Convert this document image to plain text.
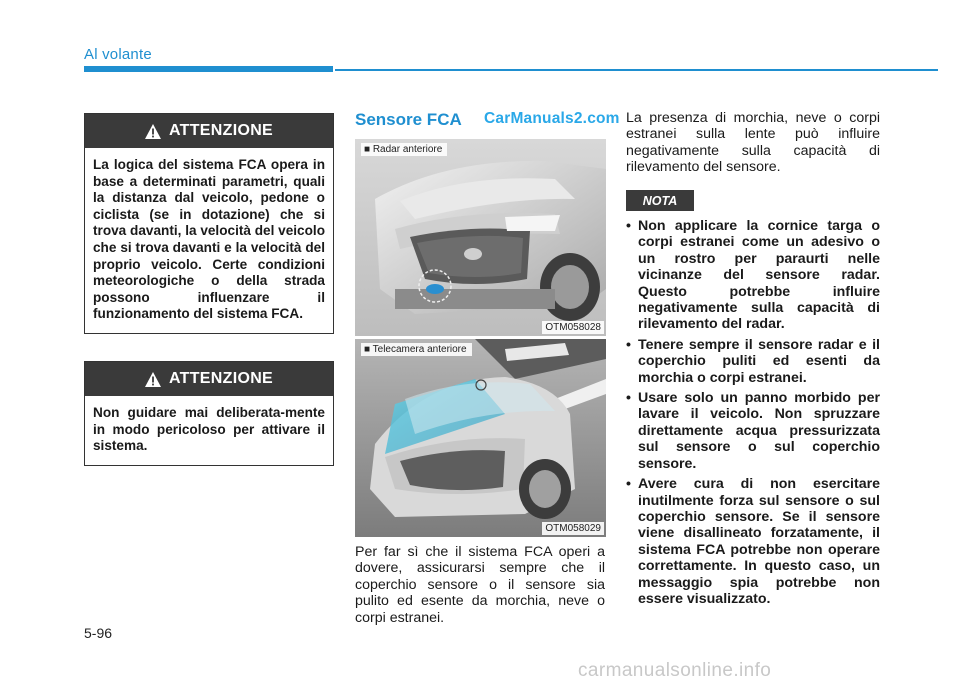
Al volante
ATTENZIONE
La logica del sistema FCA opera in base a determinati parametri, quali la distanza dal veicolo, pedone o ciclista (se in dotazione) che si trova davanti, la velocità del veicolo che si trova davanti e la velocità del proprio veicolo. Certe condizioni meteorologiche o della strada possono influenzare il funzionamento del sistema FCA.
ATTENZIONE
Non guidare mai deliberata-mente in modo pericoloso per attivare il sistema.
Sensore FCA CarManuals2.com
■ Radar anteriore
OTM058028
■ Telecamera anteriore
OTM058029
Per far sì che il sistema FCA operi a dovere, assicurarsi sempre che il coperchio sensore o il sensore sia pulito ed esente da morchia, neve o corpi estranei.
La presenza di morchia, neve o corpi estranei sulla lente può influire negativamente sulla capacità di rilevamento del sensore.
NOTA
• Non applicare la cornice targa o corpi estranei come un adesivo o un rostro per paraurti nelle vicinanze del sensore radar. Questo potrebbe influire negativamente sulla capacità di rilevamento del radar.
• Tenere sempre il sensore radar e il coperchio puliti ed esenti da morchia o corpi estranei.
• Usare solo un panno morbido per lavare il veicolo. Non spruzzare direttamente acqua pressurizzata sul sensore o sul coperchio sensore.
• Avere cura di non esercitare inutilmente forza sul sensore o sul coperchio sensore. Se il sensore viene disallineato forzatamente, il sistema FCA potrebbe non operare correttamente. In questo caso, un messaggio spia potrebbe non essere visualizzato.
5-96
carmanualsonline.info
